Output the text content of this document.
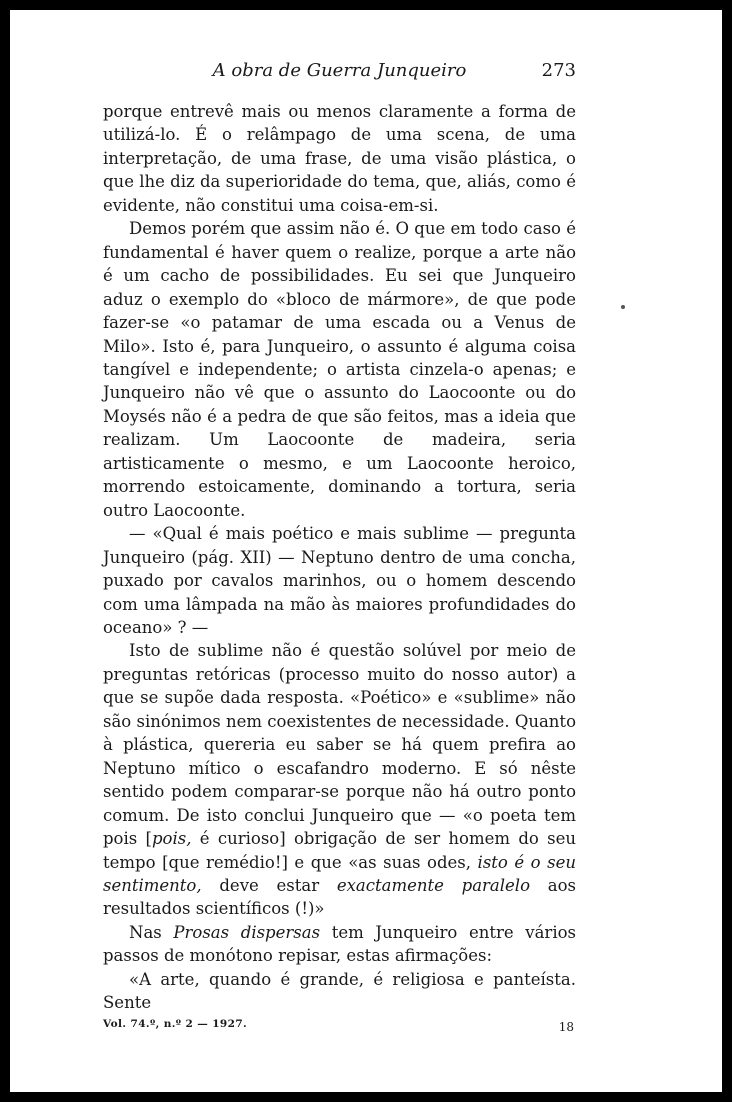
A obra de Guerra Junqueiro	273

porque entrevê mais ou menos claramente a forma de utilizá-lo. É o relâmpago de uma scena, de uma interpretação, de uma frase, de uma visão plástica, o que lhe diz da superioridade do tema, que, aliás, como é evidente, não constitui uma coisa-em-si.

Demos porém que assim não é. O que em todo caso é fundamental é haver quem o realize, porque a arte não é um cacho de possibilidades. Eu sei que Junqueiro aduz o exemplo do «bloco de mármore», de que pode fazer-se «o patamar de uma escada ou a Venus de Milo». Isto é, para Junqueiro, o assunto é alguma coisa tangível e independente; o artista cinzela-o apenas; e Junqueiro não vê que o assunto do Laocoonte ou do Moysés não é a pedra de que são feitos, mas a ideia que realizam. Um Laocoonte de madeira, seria artisticamente o mesmo, e um Laocoonte heroico, morrendo estoicamente, dominando a tortura, seria outro Laocoonte.

— «Qual é mais poético e mais sublime — pregunta Junqueiro (pág. XII) — Neptuno dentro de uma concha, puxado por cavalos marinhos, ou o homem descendo com uma lâmpada na mão às maiores profundidades do oceano» ? —

Isto de sublime não é questão solúvel por meio de preguntas retóricas (processo muito do nosso autor) a que se supõe dada resposta. «Poético» e «sublime» não são sinónimos nem coexistentes de necessidade. Quanto à plástica, quereria eu saber se há quem prefira ao Neptuno mítico o escafandro moderno. E só nêste sentido podem comparar-se porque não há outro ponto comum. De isto conclui Junqueiro que — «o poeta tem pois [pois, é curioso] obrigação de ser homem do seu tempo [que remédio!] e que «as suas odes, isto é o seu sentimento, deve estar exactamente paralelo aos resultados scientíficos (!)»

Nas Prosas dispersas tem Junqueiro entre vários passos de monótono repisar, estas afirmações:

«A arte, quando é grande, é religiosa e panteísta. Sente

Vol. 74.º, n.º 2 — 1927.	18
